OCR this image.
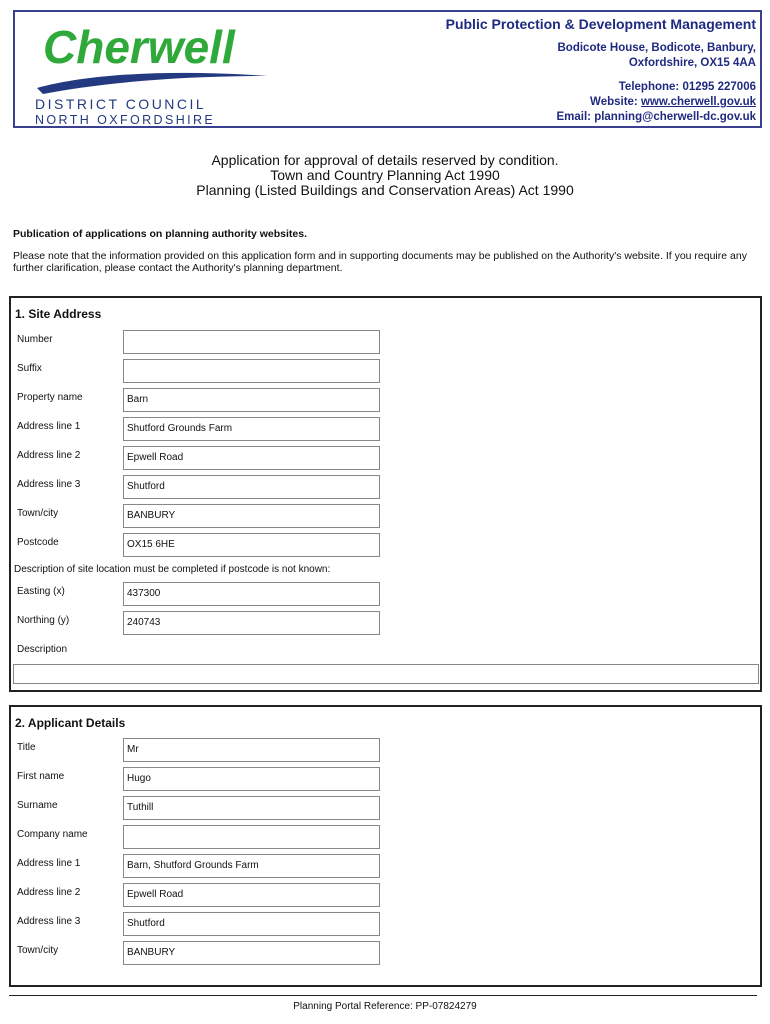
Cherwell
DISTRICT COUNCIL
NORTH OXFORDSHIRE
Public Protection & Development Management
Bodicote House, Bodicote, Banbury,
Oxfordshire, OX15 4AA
Telephone: 01295 227006
Website: www.cherwell.gov.uk
Email: planning@cherwell-dc.gov.uk
Application for approval of details reserved by condition.
Town and Country Planning Act 1990
Planning (Listed Buildings and Conservation Areas) Act 1990
Publication of applications on planning authority websites.
Please note that the information provided on this application form and in supporting documents may be published on the Authority's website. If you require any further clarification, please contact the Authority's planning department.
1. Site Address
Number
Suffix
Property name	Barn
Address line 1	Shutford Grounds Farm
Address line 2	Epwell Road
Address line 3	Shutford
Town/city	BANBURY
Postcode	OX15 6HE
Description of site location must be completed if postcode is not known:
Easting (x)	437300
Northing (y)	240743
Description
2. Applicant Details
Title	Mr
First name	Hugo
Surname	Tuthill
Company name
Address line 1	Barn, Shutford Grounds Farm
Address line 2	Epwell Road
Address line 3	Shutford
Town/city	BANBURY
Planning Portal Reference: PP-07824279
